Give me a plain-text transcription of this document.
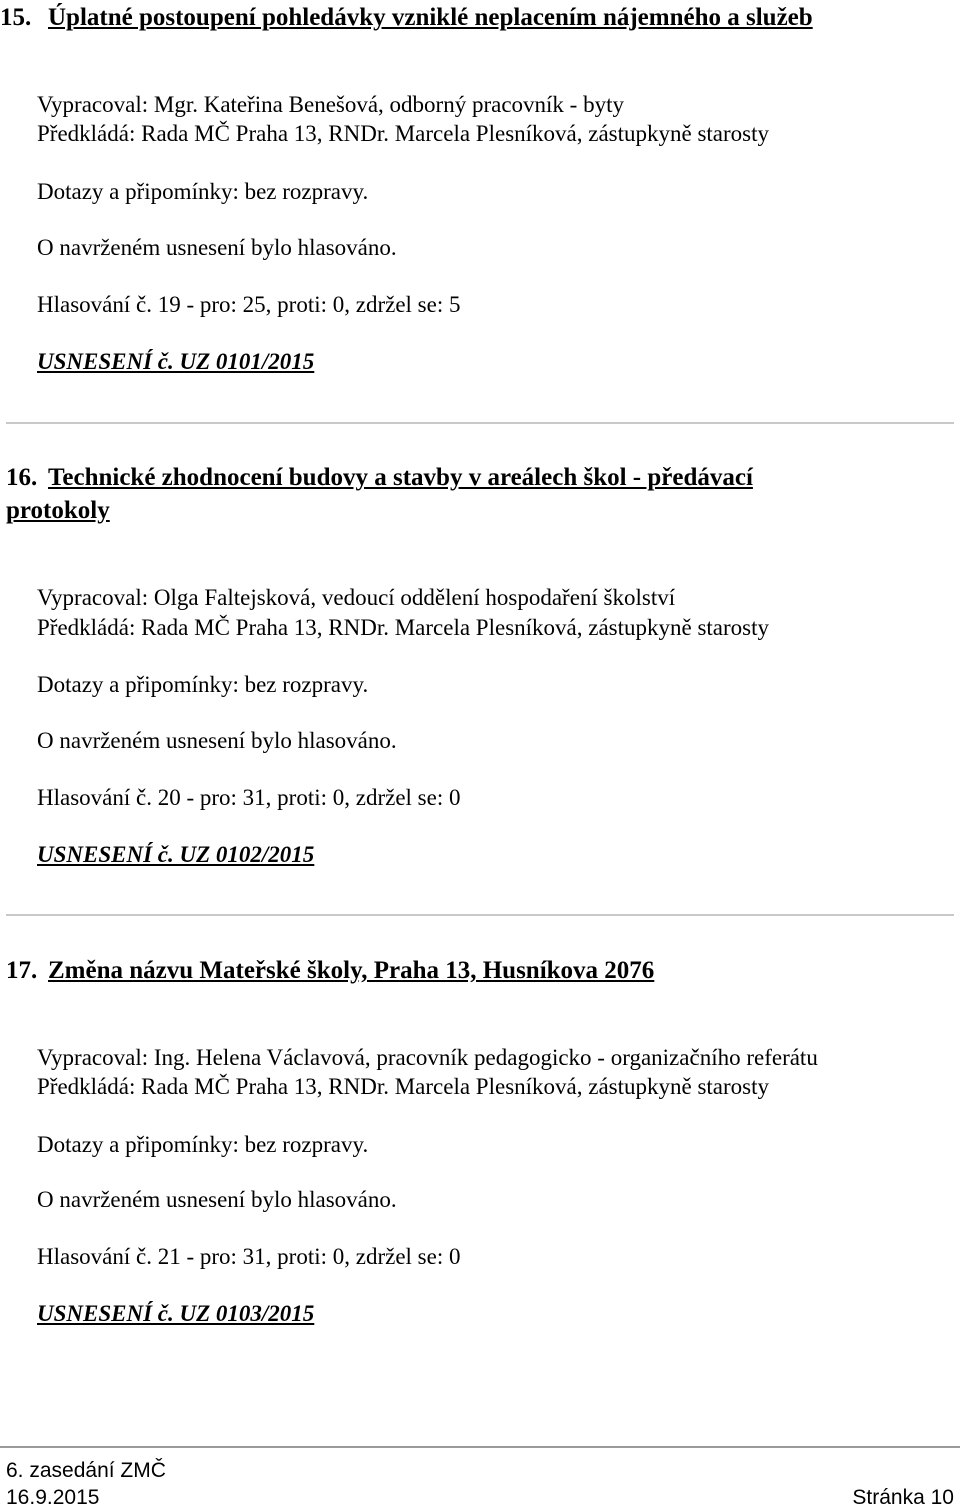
15. Úplatné postoupení pohledávky vzniklé neplacením nájemného a služeb
Vypracoval: Mgr. Kateřina Benešová, odborný pracovník - byty
Předkládá: Rada MČ Praha 13, RNDr. Marcela Plesníková, zástupkyně starosty
Dotazy a připomínky: bez rozpravy.
O navrženém usnesení bylo hlasováno.
Hlasování č. 19 - pro: 25, proti: 0, zdržel se: 5
USNESENÍ č. UZ 0101/2015
16. Technické zhodnocení budovy a stavby v areálech škol - předávací
protokoly
Vypracoval: Olga Faltejsková, vedoucí oddělení hospodaření školství
Předkládá: Rada MČ Praha 13, RNDr. Marcela Plesníková, zástupkyně starosty
Dotazy a připomínky: bez rozpravy.
O navrženém usnesení bylo hlasováno.
Hlasování č. 20 - pro: 31, proti: 0, zdržel se: 0
USNESENÍ č. UZ 0102/2015
17. Změna názvu Mateřské školy, Praha 13, Husníkova 2076
Vypracoval: Ing. Helena Václavová, pracovník pedagogicko - organizačního referátu
Předkládá: Rada MČ Praha 13, RNDr. Marcela Plesníková, zástupkyně starosty
Dotazy a připomínky: bez rozpravy.
O navrženém usnesení bylo hlasováno.
Hlasování č. 21 - pro: 31, proti: 0, zdržel se: 0
USNESENÍ č. UZ 0103/2015
6. zasedání ZMČ
16.9.2015	Stránka 10
